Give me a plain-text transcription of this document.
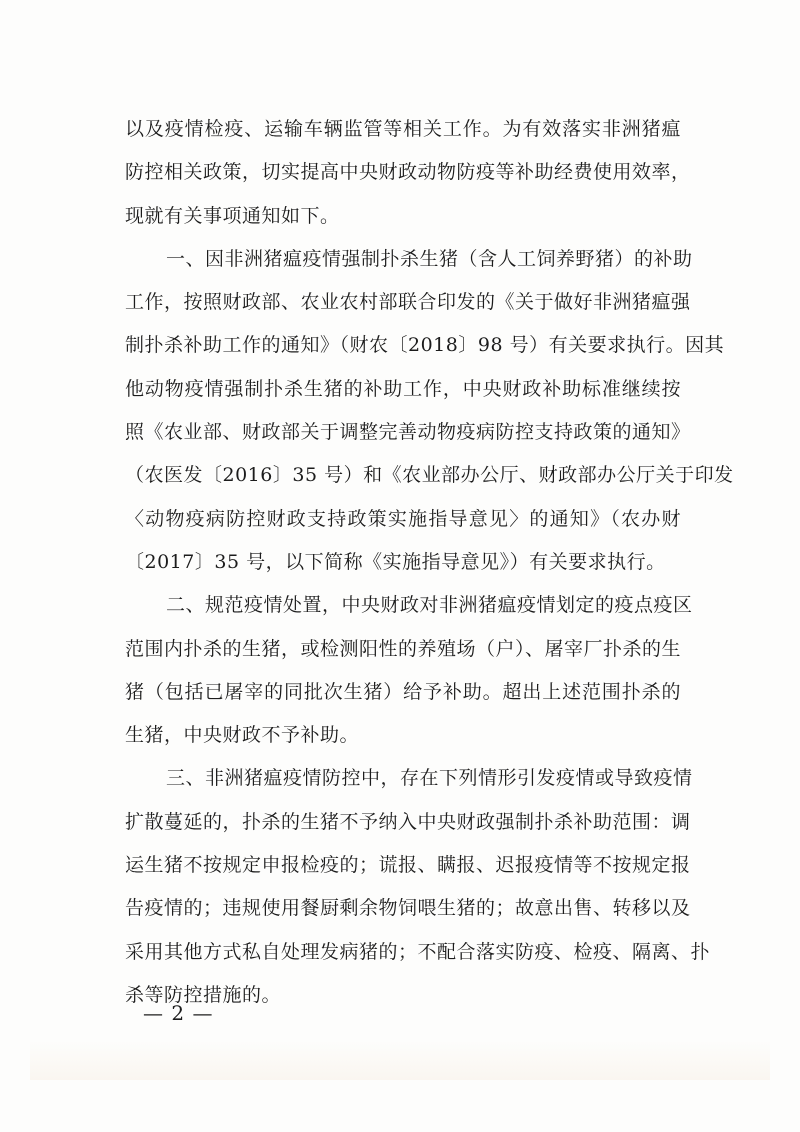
以及疫情检疫、运输车辆监管等相关工作。为有效落实非洲猪瘟
防控相关政策，切实提高中央财政动物防疫等补助经费使用效率，
现就有关事项通知如下。
一、因非洲猪瘟疫情强制扑杀生猪（含人工饲养野猪）的补助
工作，按照财政部、农业农村部联合印发的《关于做好非洲猪瘟强
制扑杀补助工作的通知》（财农〔2018〕98 号）有关要求执行。因其
他动物疫情强制扑杀生猪的补助工作，中央财政补助标准继续按
照《农业部、财政部关于调整完善动物疫病防控支持政策的通知》
（农医发〔2016〕35 号）和《农业部办公厅、财政部办公厅关于印发
〈动物疫病防控财政支持政策实施指导意见〉的通知》（农办财
〔2017〕35 号，以下简称《实施指导意见》）有关要求执行。
二、规范疫情处置，中央财政对非洲猪瘟疫情划定的疫点疫区
范围内扑杀的生猪，或检测阳性的养殖场（户）、屠宰厂扑杀的生
猪（包括已屠宰的同批次生猪）给予补助。超出上述范围扑杀的
生猪，中央财政不予补助。
三、非洲猪瘟疫情防控中，存在下列情形引发疫情或导致疫情
扩散蔓延的，扑杀的生猪不予纳入中央财政强制扑杀补助范围：调
运生猪不按规定申报检疫的；谎报、瞒报、迟报疫情等不按规定报
告疫情的；违规使用餐厨剩余物饲喂生猪的；故意出售、转移以及
采用其他方式私自处理发病猪的；不配合落实防疫、检疫、隔离、扑
杀等防控措施的。
— 2 —
